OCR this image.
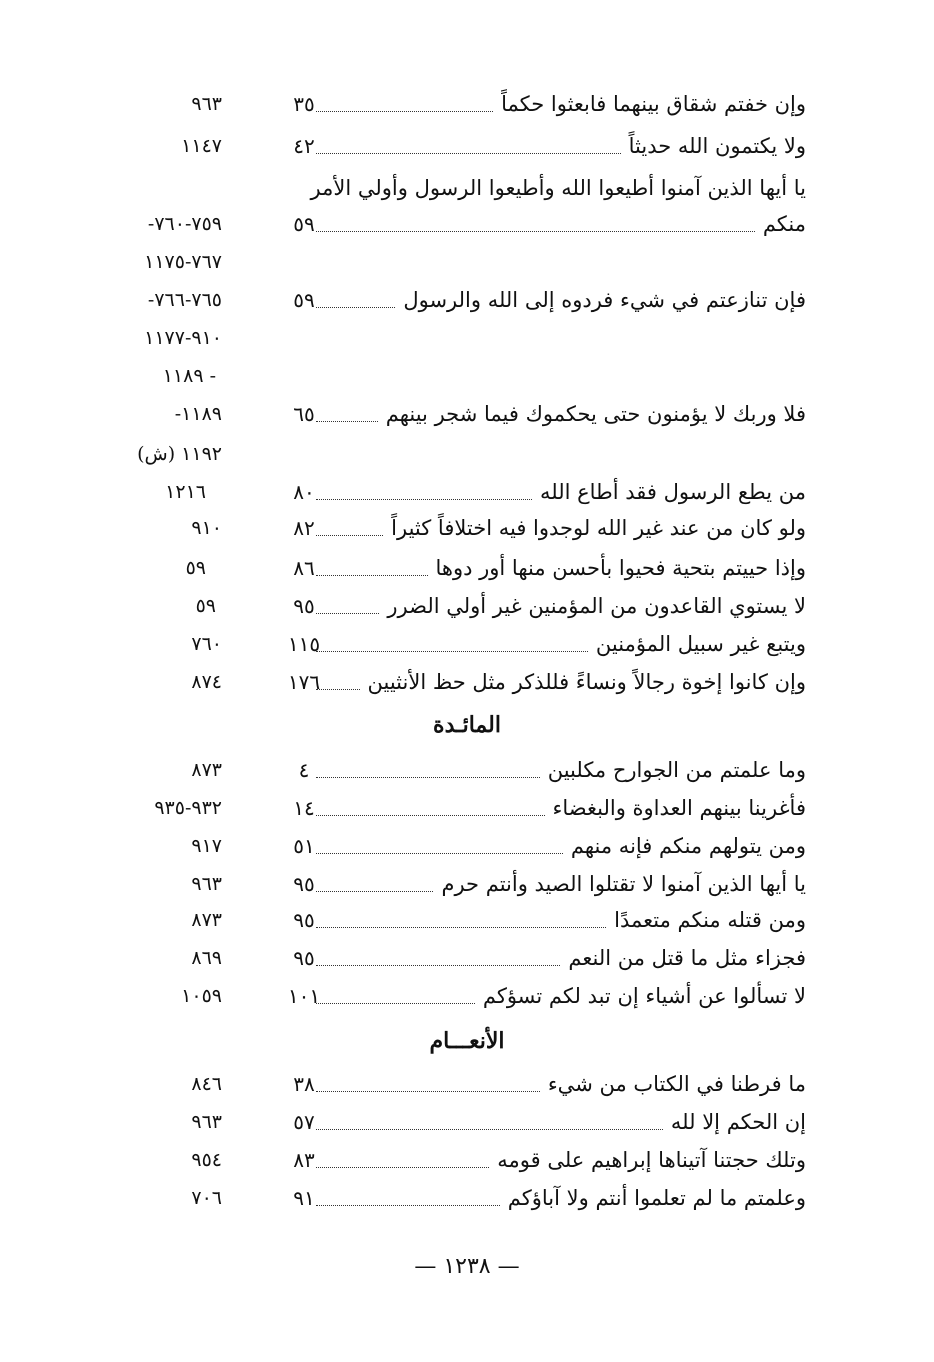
وإن خفتم شقاق بينهما فابعثوا حكماً
٣٥
٩٦٣
ولا يكتمون الله حديثاً
٤٢
١١٤٧
يا أيها الذين آمنوا أطيعوا الله وأطيعوا الرسول وأولي الأمر
منكم
٥٩
٧٥٩-٧٦٠-
٧٦٧-١١٧٥
فإن تنازعتم في شيء فردوه إلى الله والرسول
٥٩
٧٦٥-٧٦٦-
٩١٠-١١٧٧
- ١١٨٩
فلا وربك لا يؤمنون حتى يحكموك فيما شجر بينهم
٦٥
١١٨٩-
١١٩٢ (ش)
من يطع الرسول فقد أطاع الله
٨٠
١٢١٦
ولو كان من عند غير الله لوجدوا فيه اختلافاً كثيراً
٨٢
٩١٠
وإذا حييتم بتحية فحيوا بأحسن منها أور دوها
٨٦
٥٩
لا يستوي القاعدون من المؤمنين غير أولي الضرر
٩٥
٥٩
ويتبع غير سبيل المؤمنين
١١٥
٧٦٠
وإن كانوا إخوة رجالاً ونساءً فللذكر مثل حظ الأنثيين
١٧٦
٨٧٤
المائـدة
وما علمتم من الجوارح مكلبين
٤
٨٧٣
فأغرينا بينهم العداوة والبغضاء
١٤
٩٣٢-٩٣٥
ومن يتولهم منكم فإنه منهم
٥١
٩١٧
يا أيها الذين آمنوا لا تقتلوا الصيد وأنتم حرم
٩٥
٩٦٣
ومن قتله منكم متعمدًا
٩٥
٨٧٣
فجزاء مثل ما قتل من النعم
٩٥
٨٦٩
لا تسألوا عن أشياء إن تبد لكم تسؤكم
١٠١
١٠٥٩
الأنعـــام
ما فرطنا في الكتاب من شيء
٣٨
٨٤٦
إن الحكم إلا لله
٥٧
٩٦٣
وتلك حجتنا آتيناها إبراهيم على قومه
٨٣
٩٥٤
وعلمتم ما لم تعلموا أنتم ولا آباؤكم
٩١
٧٠٦
— ١٢٣٨ —
